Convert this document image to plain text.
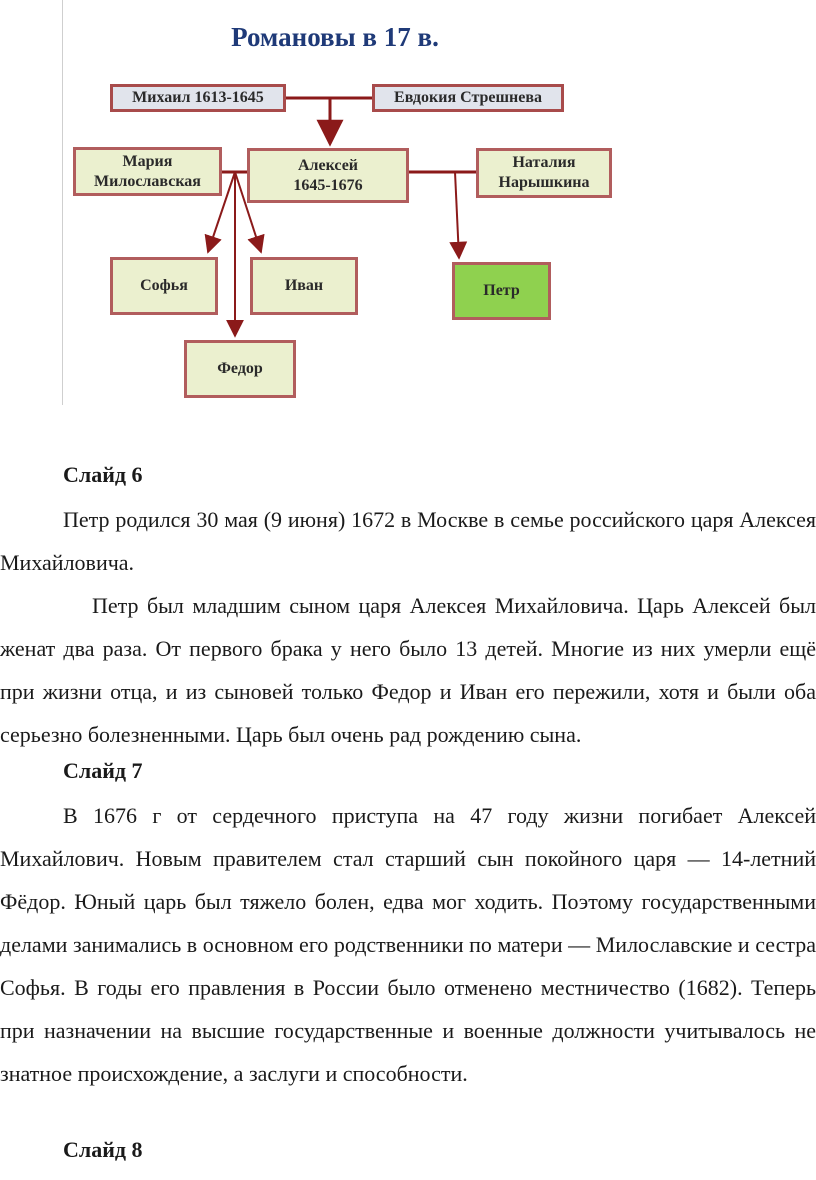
Романовы в 17 в.
Михаил 1613-1645	Евдокия Стрешнева
Мария
Милославская
Алексей
1645-1676
Наталия
Нарышкина
Софья	Иван	Петр
Федор
Слайд 6
Петр родился 30 мая (9 июня) 1672 в Москве в семье российского царя Алексея Михайловича.
Петр был младшим сыном царя Алексея Михайловича. Царь Алексей был женат два раза. От первого брака у него было 13 детей. Многие из них умерли ещё при жизни отца, и из сыновей только Федор и Иван его пережили, хотя и были оба серьезно болезненными. Царь был очень рад рождению сына.
Слайд 7
В 1676 г от сердечного приступа на 47 году жизни погибает Алексей Михайлович. Новым правителем стал старший сын покойного царя — 14-летний Фёдор. Юный царь был тяжело болен, едва мог ходить. Поэтому государственными делами занимались в основном его родственники по матери — Милославские и сестра Софья. В годы его правления в России было отменено местничество (1682). Теперь при назначении на высшие государственные и военные должности учитывалось не знатное происхождение, а заслуги и способности.
Слайд 8
